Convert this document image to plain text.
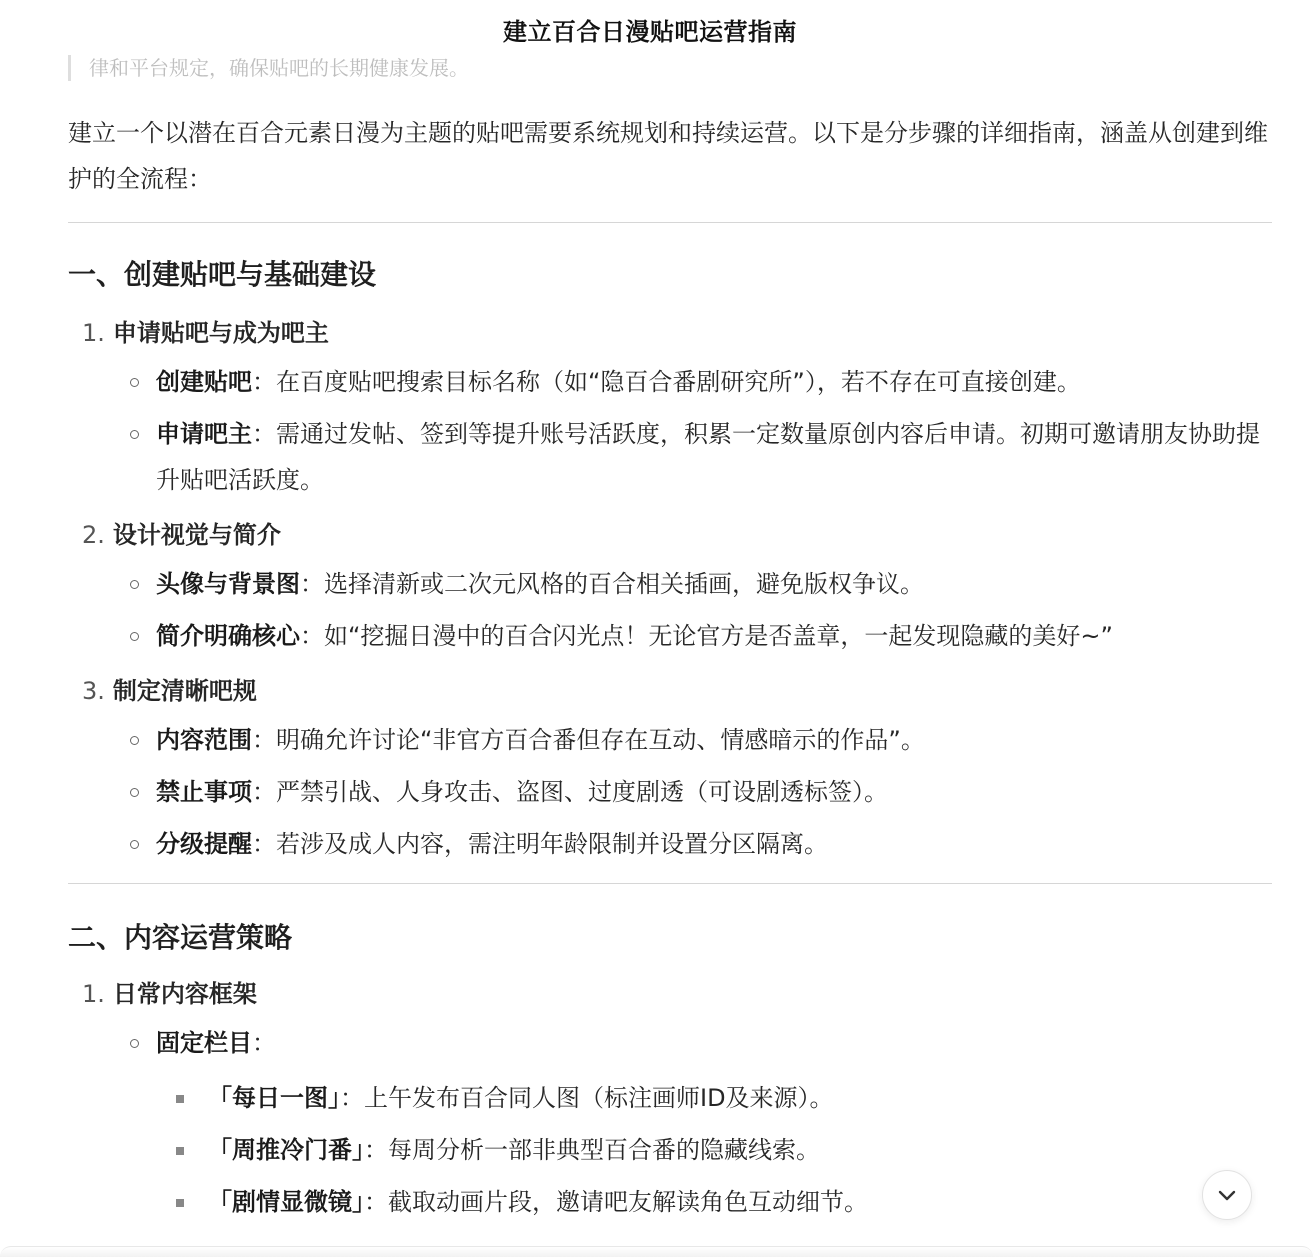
建立百合日漫贴吧运营指南
律和平台规定，确保贴吧的长期健康发展。

建立一个以潜在百合元素日漫为主题的贴吧需要系统规划和持续运营。以下是分步骤的详细指南，涵盖从创建到维护的全流程：

一、创建贴吧与基础建设
1. 申请贴吧与成为吧主
创建贴吧：在百度贴吧搜索目标名称（如“隐百合番剧研究所”），若不存在可直接创建。
申请吧主：需通过发帖、签到等提升账号活跃度，积累一定数量原创内容后申请。初期可邀请朋友协助提升贴吧活跃度。
2. 设计视觉与简介
头像与背景图：选择清新或二次元风格的百合相关插画，避免版权争议。
简介明确核心：如“挖掘日漫中的百合闪光点！无论官方是否盖章，一起发现隐藏的美好~”
3. 制定清晰吧规
内容范围：明确允许讨论“非官方百合番但存在互动、情感暗示的作品”。
禁止事项：严禁引战、人身攻击、盗图、过度剧透（可设剧透标签）。
分级提醒：若涉及成人内容，需注明年龄限制并设置分区隔离。
二、内容运营策略
1. 日常内容框架
固定栏目：
「每日一图」：上午发布百合同人图（标注画师ID及来源）。
「周推冷门番」：每周分析一部非典型百合番的隐藏线索。
「剧情显微镜」：截取动画片段，邀请吧友解读角色互动细节。
